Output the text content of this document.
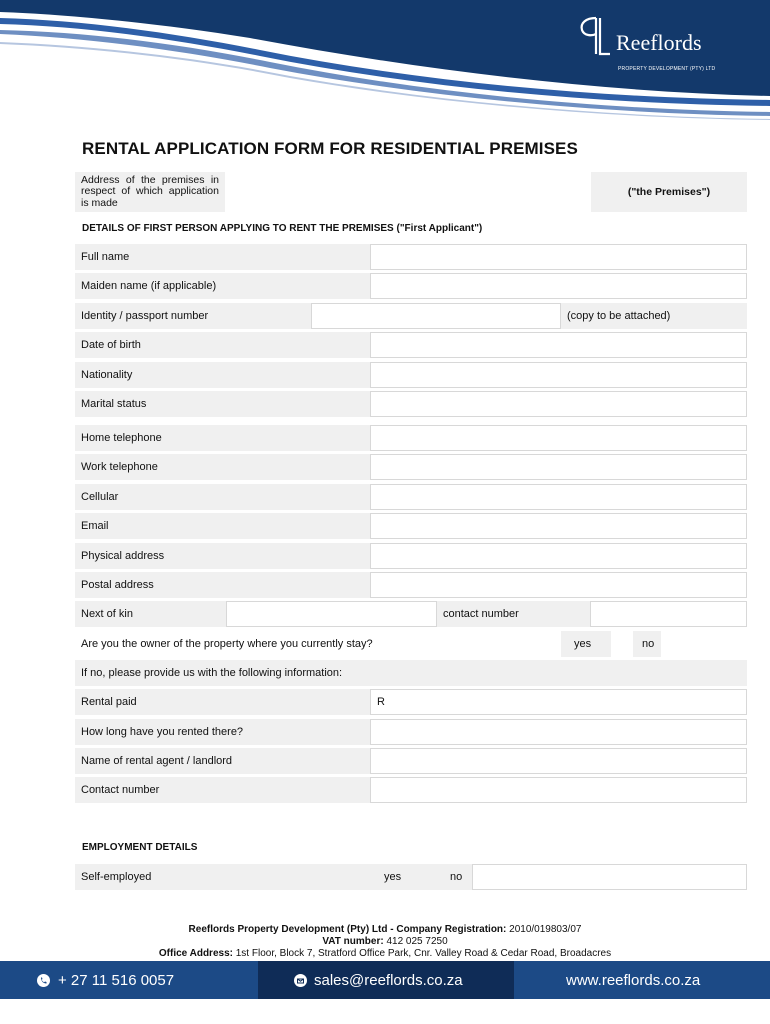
Reeflords
PROPERTY DEVELOPMENT (PTY) LTD
RENTAL APPLICATION FORM FOR RESIDENTIAL PREMISES
Address of the premises in respect of which application is made
("the Premises")
DETAILS OF FIRST PERSON APPLYING TO RENT THE PREMISES ("First Applicant")
Full name
Maiden name (if applicable)
Identity / passport number	(copy to be attached)
Date of birth
Nationality
Marital status
Home telephone
Work telephone
Cellular
Email
Physical address
Postal address
Next of kin	contact number
Are you the owner of the property where you currently stay?	yes	no
If no, please provide us with the following information:
Rental paid	R
How long have you rented there?
Name of rental agent / landlord
Contact number
EMPLOYMENT DETAILS
Self-employed	yes	no
Reeflords Property Development (Pty) Ltd - Company Registration: 2010/019803/07
VAT number: 412 025 7250
Office Address: 1st Floor, Block 7, Stratford Office Park, Cnr. Valley Road & Cedar Road, Broadacres
+ 27 11 516 0057	sales@reeflords.co.za	www.reeflords.co.za
